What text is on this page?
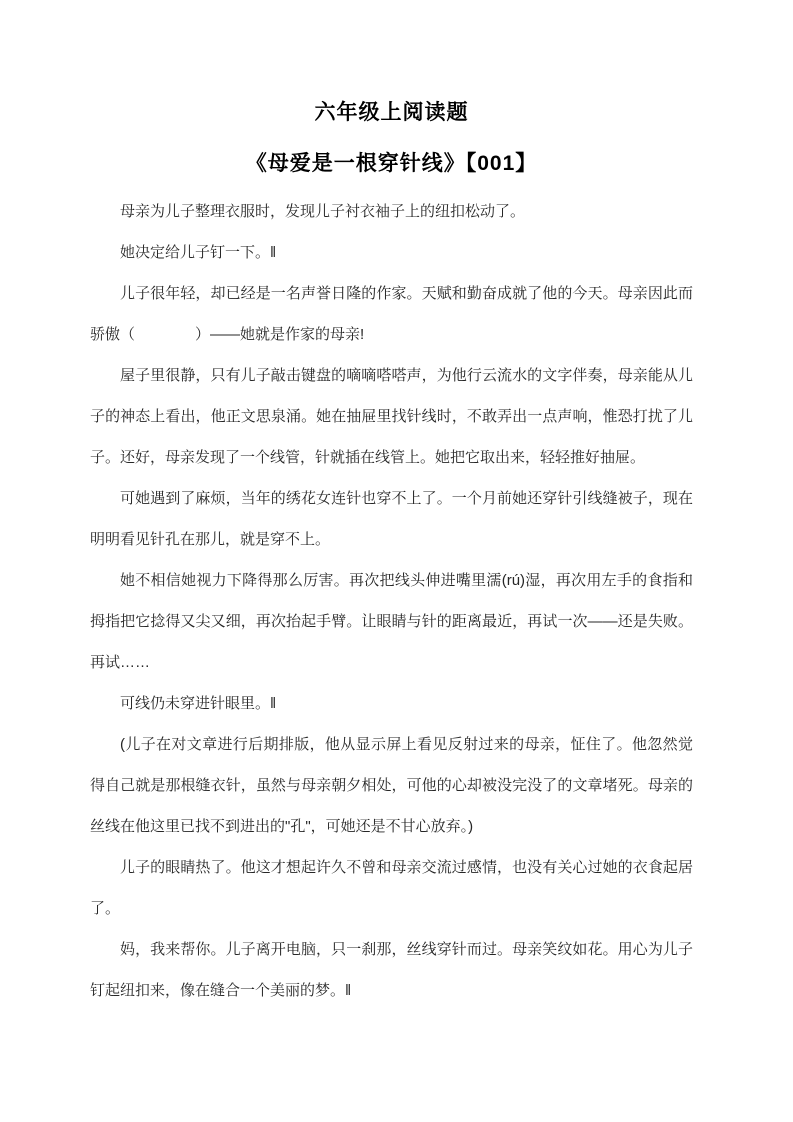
六年级上阅读题
《母爱是一根穿针线》【001】

母亲为儿子整理衣服时，发现儿子衬衣袖子上的纽扣松动了。

她决定给儿子钉一下。‖

儿子很年轻，却已经是一名声誉日隆的作家。天赋和勤奋成就了他的今天。母亲因此而骄傲（　　　　）——她就是作家的母亲!

屋子里很静，只有儿子敲击键盘的嘀嘀嗒嗒声，为他行云流水的文字伴奏，母亲能从儿子的神态上看出，他正文思泉涌。她在抽屉里找针线时，不敢弄出一点声响，惟恐打扰了儿子。还好，母亲发现了一个线管，针就插在线管上。她把它取出来，轻轻推好抽屉。

可她遇到了麻烦，当年的绣花女连针也穿不上了。一个月前她还穿针引线缝被子，现在明明看见针孔在那儿，就是穿不上。

她不相信她视力下降得那么厉害。再次把线头伸进嘴里濡(rú)湿，再次用左手的食指和拇指把它捻得又尖又细，再次抬起手臂。让眼睛与针的距离最近，再试一次——还是失败。再试……

可线仍未穿进针眼里。‖

(儿子在对文章进行后期排版，他从显示屏上看见反射过来的母亲，怔住了。他忽然觉得自己就是那根缝衣针，虽然与母亲朝夕相处，可他的心却被没完没了的文章堵死。母亲的丝线在他这里已找不到进出的"孔"，可她还是不甘心放弃。)

儿子的眼睛热了。他这才想起许久不曾和母亲交流过感情，也没有关心过她的衣食起居了。

妈，我来帮你。儿子离开电脑，只一刹那，丝线穿针而过。母亲笑纹如花。用心为儿子钉起纽扣来，像在缝合一个美丽的梦。‖
